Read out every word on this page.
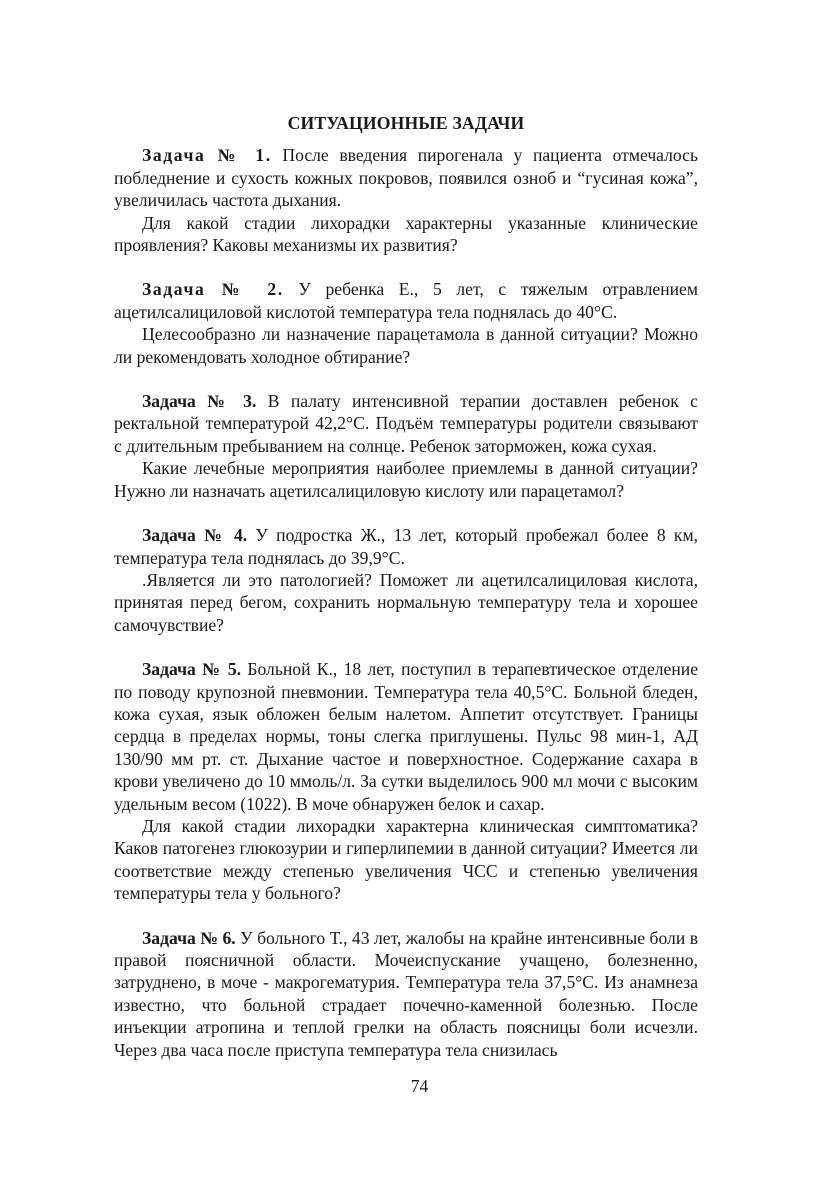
СИТУАЦИОННЫЕ ЗАДАЧИ

Задача № 1. После введения пирогенала у пациента отмечалось побледнение и сухость кожных покровов, появился озноб и “гусиная кожа”, увеличилась частота дыхания.

Для какой стадии лихорадки характерны указанные клинические проявления? Каковы механизмы их развития?

Задача № 2. У ребенка Е., 5 лет, с тяжелым отравлением ацетилсалициловой кислотой температура тела поднялась до 40°С.

Целесообразно ли назначение парацетамола в данной ситуации? Можно ли рекомендовать холодное обтирание?

Задача № 3. В палату интенсивной терапии доставлен ребенок с ректальной температурой 42,2°С. Подъём температуры родители связывают с длительным пребыванием на солнце. Ребенок заторможен, кожа сухая.

Какие лечебные мероприятия наиболее приемлемы в данной ситуации? Нужно ли назначать ацетилсалициловую кислоту или парацетамол?

Задача № 4. У подростка Ж., 13 лет, который пробежал более 8 км, температура тела поднялась до 39,9°С.

.Является ли это патологией? Поможет ли ацетилсалициловая кислота, принятая перед бегом, сохранить нормальную температуру тела и хорошее самочувствие?

Задача № 5. Больной К., 18 лет, поступил в терапевтическое отделение по поводу крупозной пневмонии. Температура тела 40,5°С. Больной бледен, кожа сухая, язык обложен белым налетом. Аппетит отсутствует. Границы сердца в пределах нормы, тоны слегка приглушены. Пульс 98 мин-1, АД 130/90 мм рт. ст. Дыхание частое и поверхностное. Содержание сахара в крови увеличено до 10 ммоль/л. За сутки выделилось 900 мл мочи с высоким удельным весом (1022). В моче обнаружен белок и сахар.

Для какой стадии лихорадки характерна клиническая симптоматика? Каков патогенез глюкозурии и гиперлипемии в данной ситуации? Имеется ли соответствие между степенью увеличения ЧСС и степенью увеличения температуры тела у больного?

Задача № 6. У больного Т., 43 лет, жалобы на крайне интенсивные боли в правой поясничной области. Мочеиспускание учащено, болезненно, затруднено, в моче - макрогематурия. Температура тела 37,5°С. Из анамнеза известно, что больной страдает почечно-каменной болезнью. После инъекции атропина и теплой грелки на область поясницы боли исчезли. Через два часа после приступа температура тела снизилась

74
